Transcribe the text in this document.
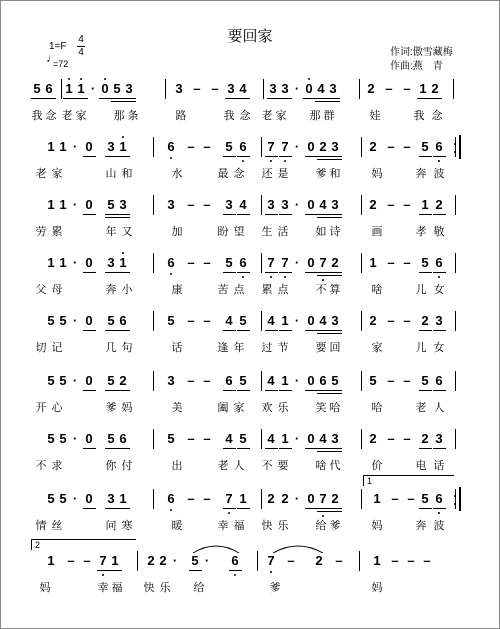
要回家
♩
1=F
4
4
=72
作词:傲雪藏梅
作曲:燕　青
5 6 1 1 · 0 5 3	3 – – 3 4 3 3 · 0 4 3 2 – – 1 2
我 念 老 家 那 条	路	我 念 老 家 那 群	娃	我 念
1 1 · 0 3 1	6 – – 5 6 7 7 · 0 2 3 2 – – 5 6
老 家	山 和	水	最 念 还 是 爹 和	妈	奔 波
1 1 · 0 5 3	3 – – 3 4 3 3 · 0 4 3 2 – – 1 2
劳 累	年 又	加	盼 望 生 活 如 诗	画	孝 敬
1 1 · 0 3 1	6 – – 5 6 7 7 · 0 7 2 1 – – 5 6
父 母	奔 小	康	苦 点 累 点 不 算	啥	儿 女
5 5 · 0 5 6	5 – – 4 5 4 1 · 0 4 3 2 – – 2 3
切 记	几 句	话	逢 年 过 节 要 回	家	儿 女
5 5 · 0 5 2	3 – – 6 5 4 1 · 0 6 5 5 – – 5 6
开 心	爹 妈	美	阖 家 欢 乐 笑 哈	哈	老 人
5 5 · 0 5 6	5 – – 4 5 4 1 · 0 4 3 2 – – 2 3
不 求	你 付	出	老 人 不 要 啥 代	价	电 话
5 5 · 0 3 1	6 – – 7 1 2 2 · 0 7 2	1 – – 5 6
1
情 丝	问 寒	暖	幸 福 快 乐 给 爹	妈	奔 波
1 – – 7 1 2 2 · 5 · 6 7 – 2 – 1 – – –
2
妈	幸 福 快 乐 给	爹	妈
